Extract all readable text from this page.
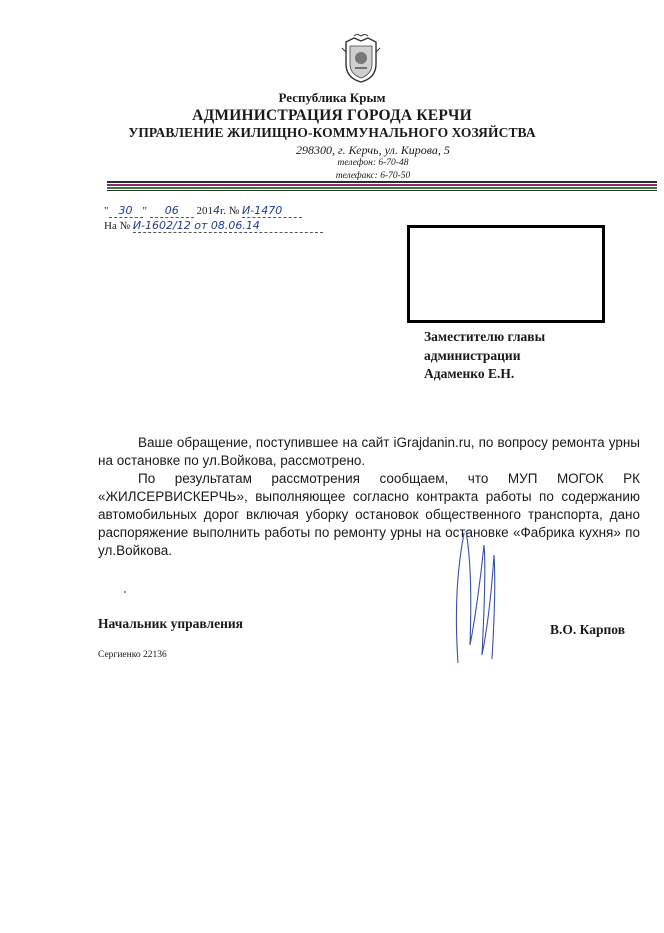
Республика Крым
АДМИНИСТРАЦИЯ ГОРОДА КЕРЧИ
УПРАВЛЕНИЕ ЖИЛИЩНО-КОММУНАЛЬНОГО ХОЗЯЙСТВА
298300, г. Керчь, ул. Кирова, 5
телефон: 6-70-48
телефакс: 6-70-50
" 30 " 06 2014г. № И-1470
На № И-1602/12 от 08.06.14
Заместителю главы
администрации
Адаменко Е.Н.
Ваше обращение, поступившее на сайт iGrajdanin.ru, по вопросу ремонта урны на остановке по ул.Войкова, рассмотрено.
По результатам рассмотрения сообщаем, что МУП МОГОК РК «ЖИЛСЕРВИСКЕРЧЬ», выполняющее согласно контракта работы по содержанию автомобильных дорог включая уборку остановок общественного транспорта, дано распоряжение выполнить работы по ремонту урны на остановке «Фабрика кухня» по ул.Войкова.
Начальник управления	В.О. Карпов
Сергиенко 22136
